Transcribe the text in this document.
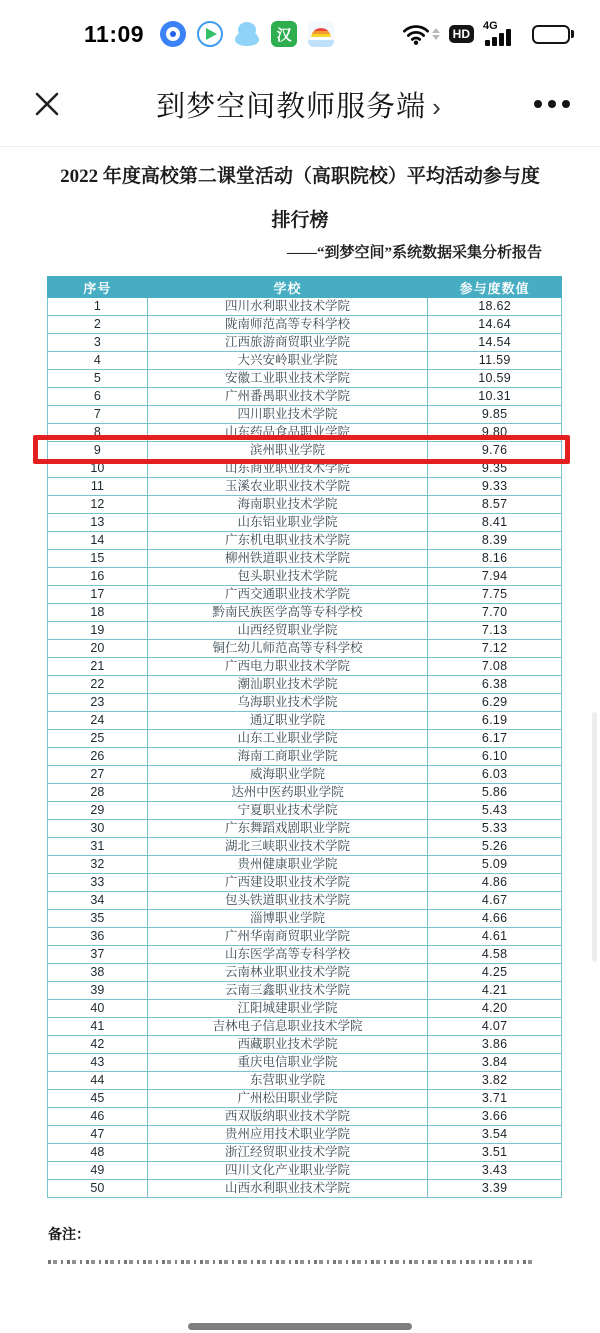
11:09	汉	HD
4G
到梦空间教师服务端 ›
2022 年度高校第二课堂活动（高职院校）平均活动参与度
排行榜
——“到梦空间”系统数据采集分析报告
序号	学校	参与度数值
1	四川水利职业技术学院	18.62
2	陇南师范高等专科学校	14.64
3	江西旅游商贸职业学院	14.54
4	大兴安岭职业学院	11.59
5	安徽工业职业技术学院	10.59
6	广州番禺职业技术学院	10.31
7	四川职业技术学院	9.85
8	山东药品食品职业学院	9.80
9	滨州职业学院	9.76
10	山东商业职业技术学院	9.35
11	玉溪农业职业技术学院	9.33
12	海南职业技术学院	8.57
13	山东铝业职业学院	8.41
14	广东机电职业技术学院	8.39
15	柳州铁道职业技术学院	8.16
16	包头职业技术学院	7.94
17	广西交通职业技术学院	7.75
18	黔南民族医学高等专科学校	7.70
19	山西经贸职业学院	7.13
20	铜仁幼儿师范高等专科学校	7.12
21	广西电力职业技术学院	7.08
22	潮汕职业技术学院	6.38
23	乌海职业技术学院	6.29
24	通辽职业学院	6.19
25	山东工业职业学院	6.17
26	海南工商职业学院	6.10
27	威海职业学院	6.03
28	达州中医药职业学院	5.86
29	宁夏职业技术学院	5.43
30	广东舞蹈戏剧职业学院	5.33
31	湖北三峡职业技术学院	5.26
32	贵州健康职业学院	5.09
33	广西建设职业技术学院	4.86
34	包头铁道职业技术学院	4.67
35	淄博职业学院	4.66
36	广州华南商贸职业学院	4.61
37	山东医学高等专科学校	4.58
38	云南林业职业技术学院	4.25
39	云南三鑫职业技术学院	4.21
40	江阳城建职业学院	4.20
41	吉林电子信息职业技术学院	4.07
42	西藏职业技术学院	3.86
43	重庆电信职业学院	3.84
44	东营职业学院	3.82
45	广州松田职业学院	3.71
46	西双版纳职业技术学院	3.66
47	贵州应用技术职业学院	3.54
48	浙江经贸职业技术学院	3.51
49	四川文化产业职业学院	3.43
50	山西水利职业技术学院	3.39
备注：
